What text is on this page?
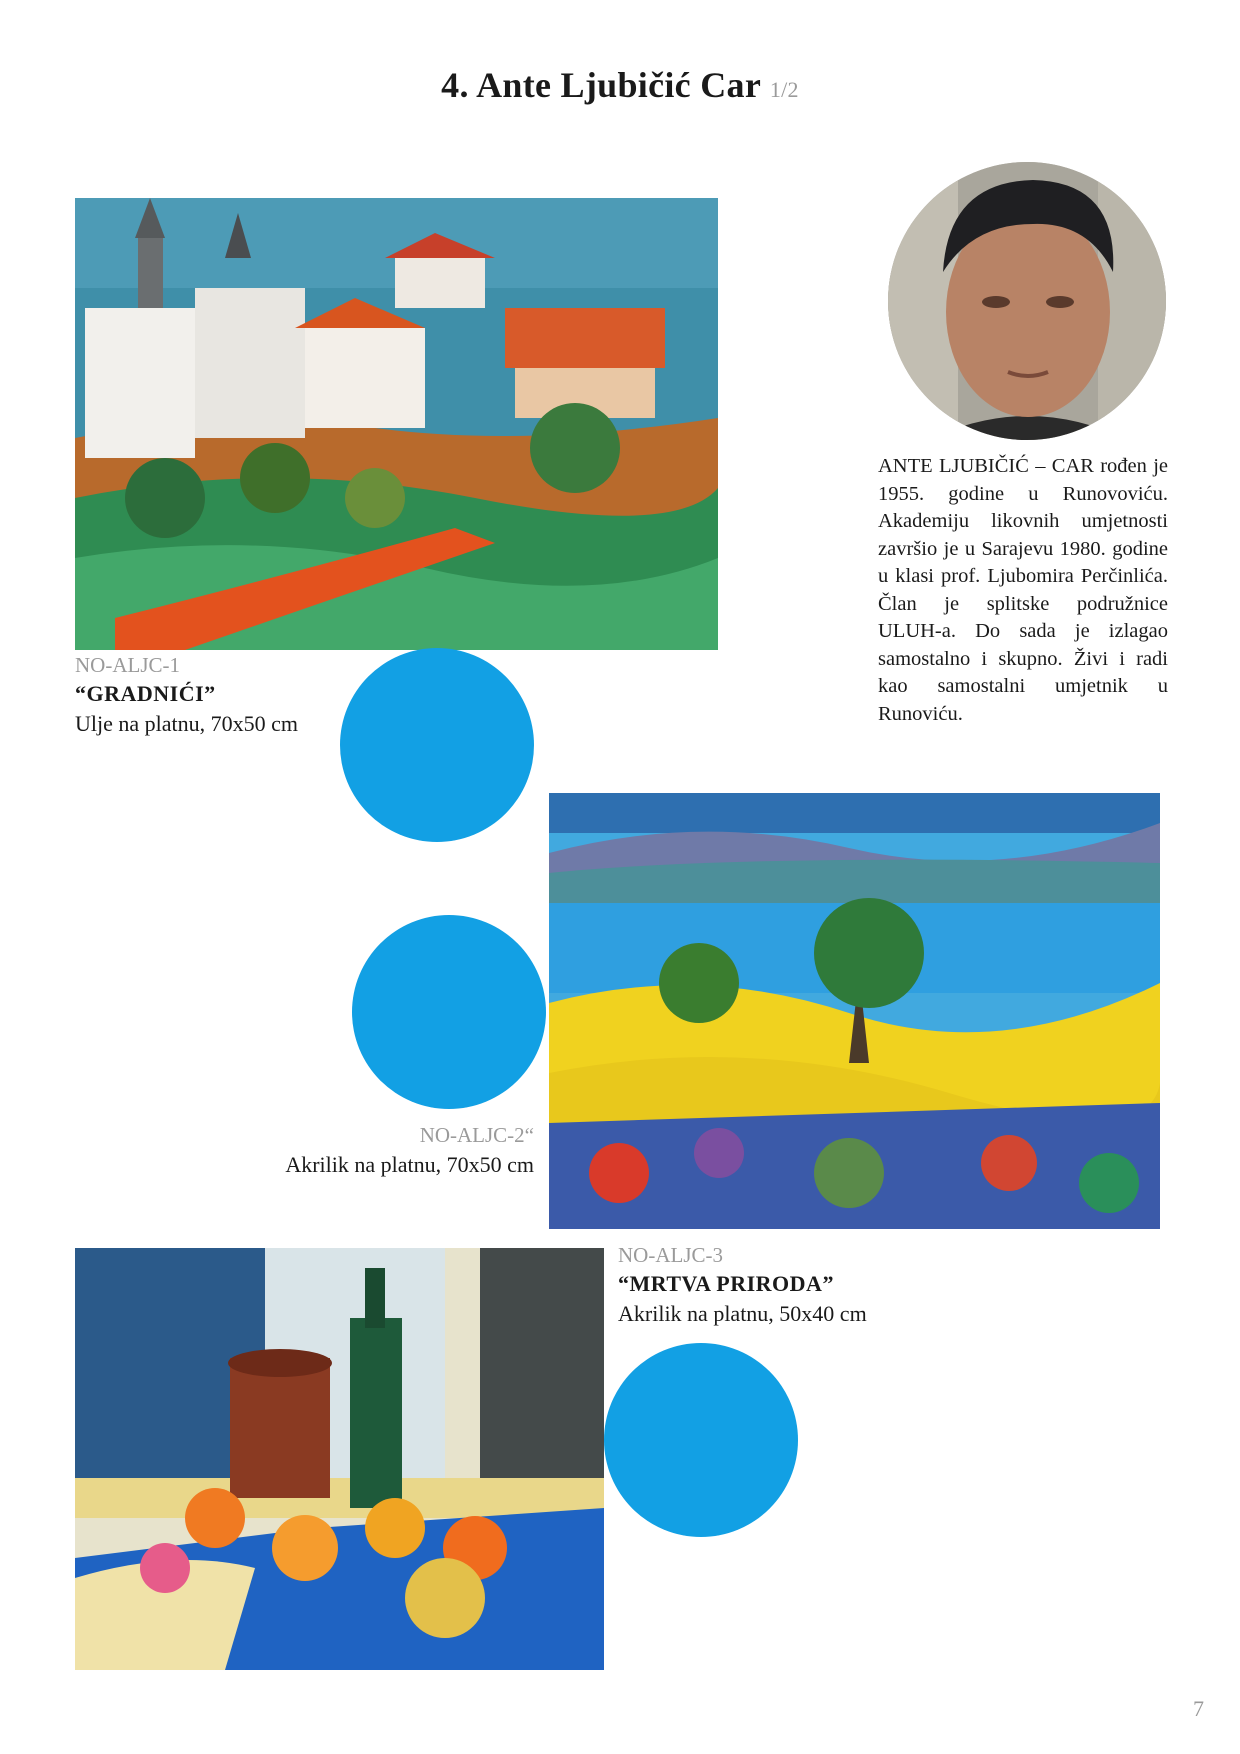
4. Ante Ljubičić Car 1/2
NO-ALJC-1
“GRADNIĆI”
Ulje na platnu, 70x50 cm
ANTE LJUBIČIĆ – CAR rođen je 1955. godine u Runovoviću. Akademiju likovnih umjetnosti završio je u Sarajevu 1980. godine u klasi prof. Ljubomira Perčinlića. Član je splitske podružnice ULUH-a. Do sada je izlagao samostalno i skupno. Živi i radi kao samostalni umjetnik u Runoviću.
NO-ALJC-2“
Akrilik na platnu, 70x50 cm
NO-ALJC-3
“MRTVA PRIRODA”
Akrilik na platnu, 50x40 cm
7
